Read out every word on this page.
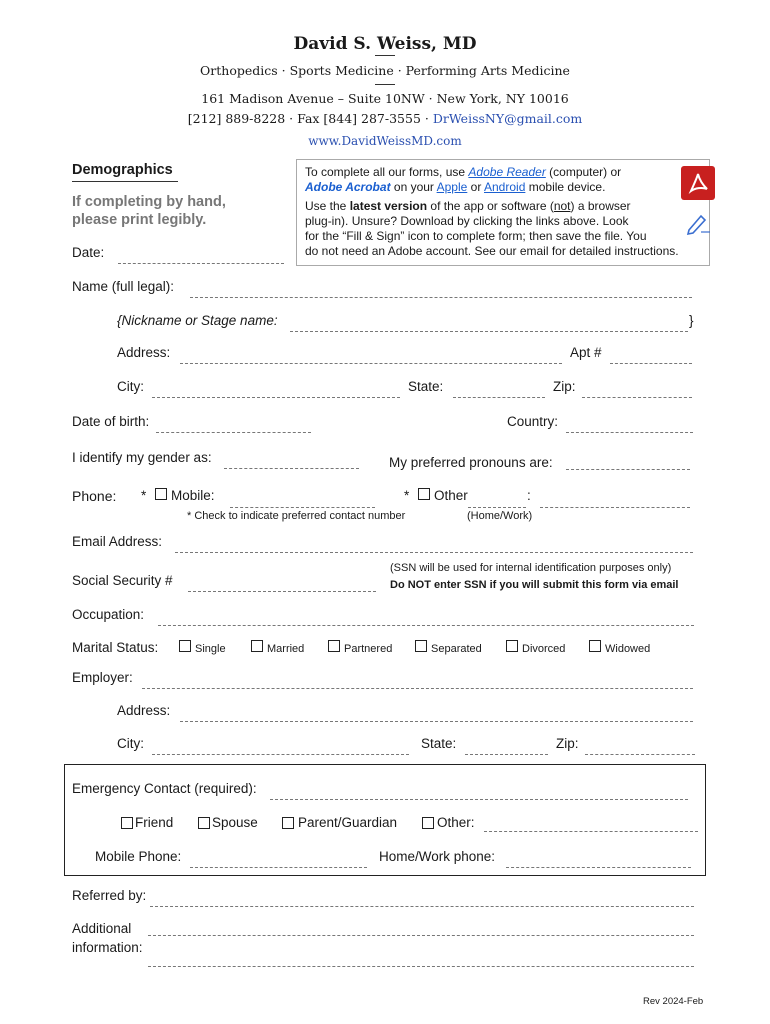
David S. Weiss, MD
Orthopedics · Sports Medicine · Performing Arts Medicine
161 Madison Avenue – Suite 10NW · New York, NY 10016
[212] 889-8228 · Fax [844] 287-3555 · DrWeissNY@gmail.com
www.DavidWeissMD.com
Demographics
If completing by hand,
please print legibly.
Date:
To complete all our forms, use Adobe Reader (computer) or
Adobe Acrobat on your Apple or Android mobile device.
Use the latest version of the app or software (not) a browser
plug-in). Unsure? Download by clicking the links above. Look
for the “Fill & Sign” icon to complete form; then save the file. You
do not need an Adobe account. See our email for detailed instructions.
Name (full legal):
{Nickname or Stage name:	}
Address:	Apt #
City:	State:	Zip:
Date of birth:	Country:
I identify my gender as:	My preferred pronouns are:
Phone: * Mobile:	* Other	:
* Check to indicate preferred contact number	(Home/Work)
Email Address:
(SSN will be used for internal identification purposes only)
Do NOT enter SSN if you will submit this form via email
Social Security #
Occupation:
Marital Status:	Single	Married	Partnered	Separated	Divorced	Widowed
Employer:
Address:
City:	State:	Zip:
Emergency Contact (required):
Friend	Spouse	Parent/Guardian	Other:
Mobile Phone:	Home/Work phone:
Referred by:
Additional
information:
Rev 2024-Feb
